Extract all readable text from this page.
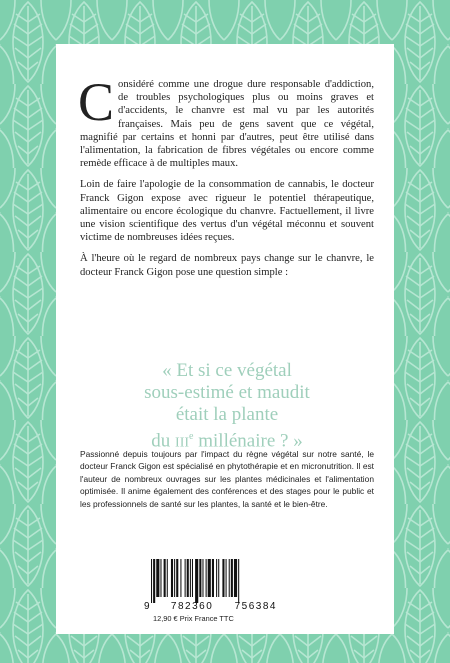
Considéré comme une drogue dure responsable d'addiction, de troubles psychologiques plus ou moins graves et d'accidents, le chanvre est mal vu par les autorités françaises. Mais peu de gens savent que ce végétal, magnifié par certains et honni par d'autres, peut être utilisé dans l'alimentation, la fabrication de fibres végétales ou encore comme remède efficace à de multiples maux.

Loin de faire l'apologie de la consommation de cannabis, le docteur Franck Gigon expose avec rigueur le potentiel thérapeutique, alimentaire ou encore écologique du chanvre. Factuellement, il livre une vision scientifique des vertus d'un végétal méconnu et souvent victime de nombreuses idées reçues.

À l'heure où le regard de nombreux pays change sur le chanvre, le docteur Franck Gigon pose une question simple :

« Et si ce végétal
sous-estimé et maudit
était la plante
du IIIe millénaire ? »
Passionné depuis toujours par l'impact du règne végétal sur notre santé, le docteur Franck Gigon est spécialisé en phytothérapie et en micronutrition. Il est l'auteur de nombreux ouvrages sur les plantes médicinales et l'alimentation optimisée. Il anime également des conférences et des stages pour le public et les professionnels de santé sur les plantes, la santé et le bien-être.
9 782360 756384
12,90 € Prix France TTC
